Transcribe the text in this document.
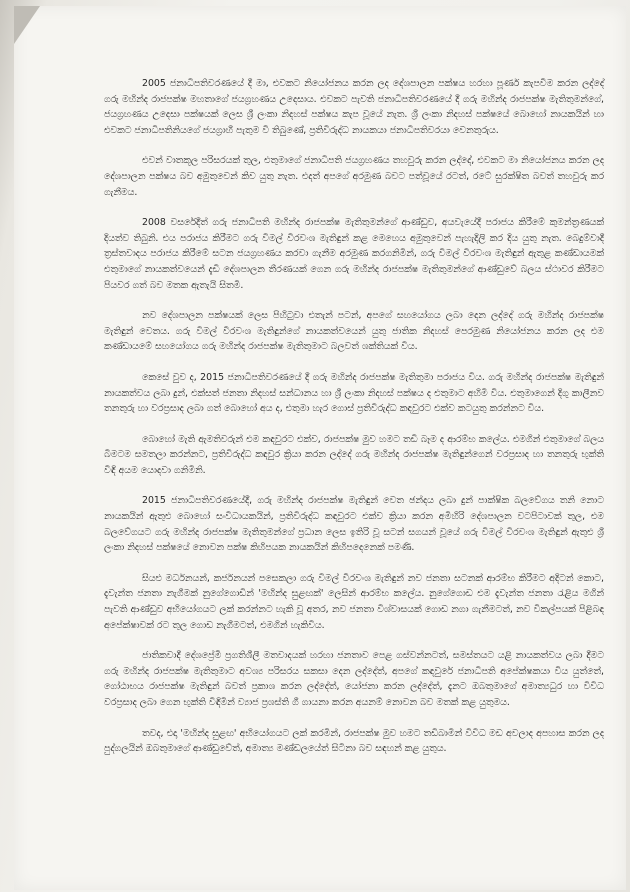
2005 ජනාධිපතිවරණයේ දී මා, එවකට නියෝජනය කරන ලද දේශපාලන පක්ෂය හරහා පූර්ණ කැපවීම කරන ලද්දේ ගරු මහින්ද රාජපක්ෂ මහතාගේ ජයග්‍රහණය උදෙසාය. එවකට පැවති ජනාධිපතිවරණයේ දී ගරු මහින්ද රාජපක්ෂ මැතිතුමන්ගේ, ජයග්‍රහණය උදෙසා පක්ෂයක් ලෙස ශ්‍රී ලංකා නිදහස් පක්ෂය කැප වූයේ නැත. ශ්‍රී ලංකා නිදහස් පක්ෂයේ බොහෝ නායකයින් හා එවකට ජනාධිපතිනියගේ ජයග්‍රාහී පැතුම වී තිබුණේ, ප්‍රතිවිරුද්ධ නායකයා ජනාධිපතිවරයා වෙනතුරුය.

එවන් වාතකූල පරිසරයක් තුල, එතුමාගේ ජනාධිපති ජයග්‍රහණය තහවුරු කරන ලද්දේ, එවකට මා නියෝජනය කරන ලද දේශපාලන පක්ෂය බව අමුතුවෙන් කිව යුතු නැත. එදත් අපගේ අරමුණ බවට පත්වූයේ රටත්, රටේ සුරක්ෂිත බවත් තහවුරු කර ගැනීමය.

2008 වසරේදීත් ගරු ජනාධිපති මහින්ද රාජපක්ෂ මැතිතුමන්ගේ ආණ්ඩුව, අයවැයේදී පරාජය කිරීමේ කුමන්ත්‍රණයක් දියත්ව තිබුනි. එය පරාජය කිරීමට ගරු විමල් වීරවංශ මැතිඳුන් කළ මෙහෙය අමුතුවෙන් පැහැදිලි කර දිය යුතු නැත. බෙදුම්වාදී ත්‍රස්තවාදය පරාජය කිරීමේ සටන ජයග්‍රහණය කරවා ගැනීම අරමුණ කරගනිමින්, ගරු විමල් වීරවංශ මැතිඳුන් ඇතුළ කණ්ඩායමක් එතුමාගේ නායකත්වයෙන් දැඩි දේශපාලන තීරණයක් ගෙන ගරු මහින්ද රාජපක්ෂ මැතිතුමන්ගේ ආණ්ඩුවේ බලය ස්ථාවර කිරීමට පියවර ගත් බව මතක ඇතැයි සිතමි.

නව දේශපාලන පක්ෂයක් ලෙස පිහිටුවා එතැන් පටන්, අපගේ සහයෝගය ලබා දෙන ලද්දේ ගරු මහින්ද රාජපක්ෂ මැතිඳුන් වෙතය. ගරු විමල් වීරවංශ මැතිඳුන්ගේ නායකත්වයෙන් යුතු ජාතික නිදහස් පෙරමුණ නියෝජනය කරන ලද එම කණ්ඩායමේ සහයෝගය ගරු මහින්ද රාජපක්ෂ මැතිතුමාට බලවත් ශක්තියක් විය.

කෙසේ වුව ද, 2015 ජනාධිපතිවරණයේ දී ගරු මහින්ද රාජපක්ෂ මැතිතුමා පරාජය විය. ගරු මහින්ද රාජපක්ෂ මැතිඳුන් නායකත්වය ලබා දුන්, එක්සත් ජනතා නිදහස් සන්ධානය හා ශ්‍රී ලංකා නිදහස් පක්ෂය ද එතුමාට අහිමි විය. එතුමාගෙන් දිගු කාලීනව තනතුරු හා වරප්‍රසාද ලබා ගත් බොහෝ අය ද, එතුමා හැර ගොස් ප්‍රතිවිරුද්ධ කඳවුරට එක්ව කටයුතු කරන්නට විය.

බොහෝ මැති ඇමතිවරුන් එම කඳවුරට එක්ව, රාජපක්ෂ මුව හමට තඩි බෑම ද ආරම්භ කලේය. එමගින් එතුමාගේ බලය බිමටම සමතලා කරන්නට, ප්‍රතිවිරුද්ධ කඳවුර ක්‍රියා කරන ලද්දේ ගරු මහින්ද රාජපක්ෂ මැතිඳුන්ගෙන් වරප්‍රසාද හා තනතුරු භුක්ති විඳි අයම යොදවා ගනිමිනි.

2015 ජනාධිපතිවරණයේදී, ගරු මහින්ද රාජපක්ෂ මැතිඳුන් වෙත ඡන්දය ලබා දුන් පාක්ෂික බලවේගය තනි නොට නායකයින් ඇතුළු බොහෝ සංවිධායකයින්, ප්‍රතිවිරුද්ධ කඳවුරට එක්ව ක්‍රියා කරන අමිහිරි දේශපාලන වටපිටාවක් තුල, එම බලවේගයට ගරු මහින්ද රාජපක්ෂ මැතිතුමන්ගේ ප්‍රධාන ලෙස ඉතිරි වූ සටන් සගයන් වූයේ ගරු විමල් වීරවංශ මැතිඳුන් ඇතුළු ශ්‍රී ලංකා නිදහස් පක්ෂයේ නොවන පක්ෂ කිහිපයක නායකයින් කිහිපදෙනෙක් පමණි.

සියළු මර්ධනයන්, කර්ජනයන් පසෙකලා ගරු විමල් වීරවංශ මැතිඳුන් නව ජනතා සටනක් ආරම්භ කිරීමට අදිටන් කොට, දැවැන්ත ජනතා නැගීමක් නුගේගොඩින් 'මහින්ද සුළඟක්' ලෙසින් ආරම්භ කලේය. නුගේගොඩ එම දැවැන්ත ජනතා රැළිය මගින් පැවති ආණ්ඩුව අභියෝගයට ලක් කරන්නට හැකි වූ අතර, නව ජනතා විශ්වාසයක් ගොඩ නගා ගැනීමටත්, නව විකල්පයක් පිළිබඳ අපේක්ෂාවක් රට තුල ගොඩ නැගීමටත්, එමගින් හැකිවිය.

ජාතිකවාදී දේශප්‍රේමී ප්‍රගතිශීලී මතවාදයක් හරහා ජනතාව පෙළ ගස්වන්නටත්, සමස්තයට යළි නායකත්වය ලබා දීමට ගරු මහින්ද රාජපක්ෂ මැතිතුමාට අවශ්‍ය පරිසරය සකසා දෙන ලද්දේත්, අපගේ කඳවුරේ ජනාධිපති අපේක්ෂකයා විය යුත්තේ, ගෝඨාභය රාජපක්ෂ මැතිඳුන් බවත් ප්‍රකාශ කරන ලද්දේත්, යෝජනා කරන ලද්දේත්, දැනට ඔබතුමාගේ අමාත්‍යධුර හා විවිධ වරප්‍රසාද ලබා ගෙන භුක්ති විඳිමින් ව්‍යාජ ප්‍රශස්ති ගී ගායනා කරන අයනම් නොවන බව මතක් කළ යුතුමය.

තවද, එදා 'මහින්ද සුළඟ' අභියෝගයට ලක් කරමින්, රාජපක්ෂ මුව හමට තඩිබාමින් විවිධ මඩ අවලාද අපහාස කරන ලද පුද්ගලයින් ඔබතුමාගේ ආණ්ඩුවේත්, අමාත්‍ය මණ්ඩලයේත් සිටිනා බව සඳහන් කළ යුතුය.
